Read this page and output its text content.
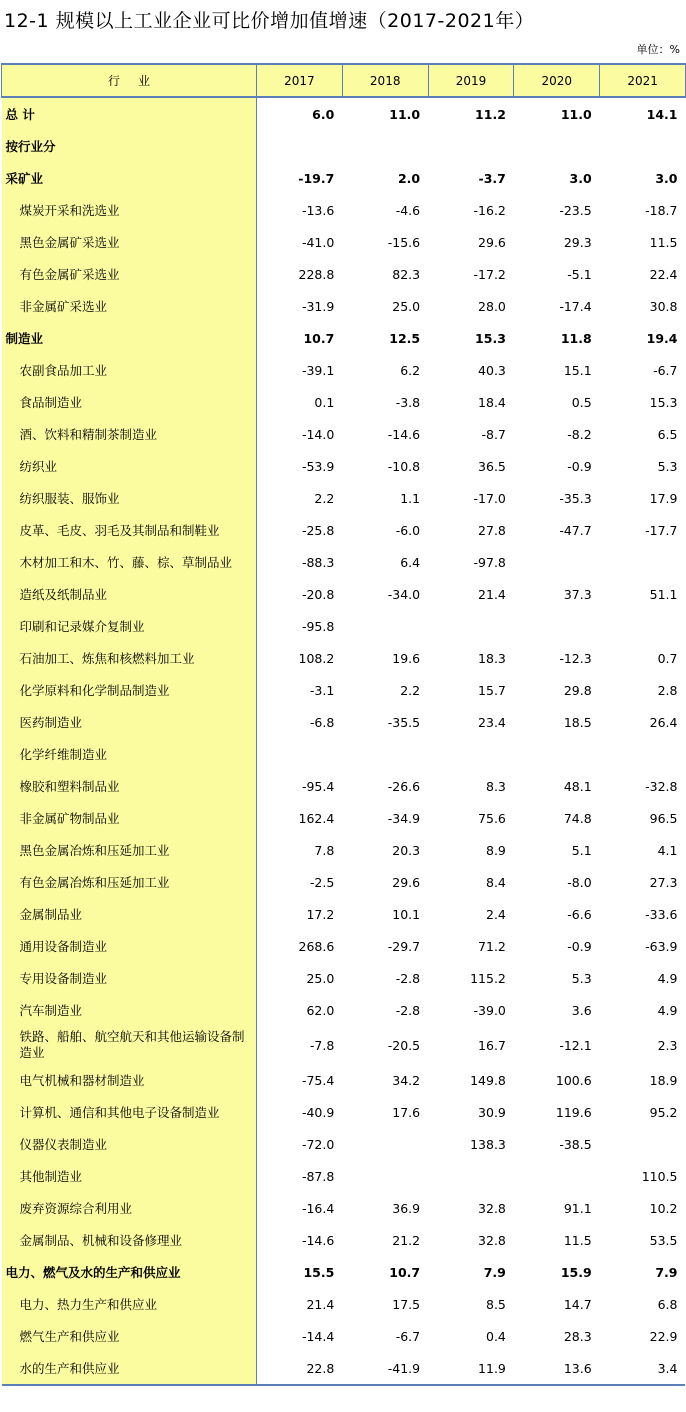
12-1 规模以上工业企业可比价增加值增速（2017-2021年）
单位：%
行业	2017	2018	2019	2020	2021
总 计	6.0	11.0	11.2	11.0	14.1
按行业分					
采矿业	-19.7	2.0	-3.7	3.0	3.0
煤炭开采和洗选业	-13.6	-4.6	-16.2	-23.5	-18.7
黑色金属矿采选业	-41.0	-15.6	29.6	29.3	11.5
有色金属矿采选业	228.8	82.3	-17.2	-5.1	22.4
非金属矿采选业	-31.9	25.0	28.0	-17.4	30.8
制造业	10.7	12.5	15.3	11.8	19.4
农副食品加工业	-39.1	6.2	40.3	15.1	-6.7
食品制造业	0.1	-3.8	18.4	0.5	15.3
酒、饮料和精制茶制造业	-14.0	-14.6	-8.7	-8.2	6.5
纺织业	-53.9	-10.8	36.5	-0.9	5.3
纺织服装、服饰业	2.2	1.1	-17.0	-35.3	17.9
皮革、毛皮、羽毛及其制品和制鞋业	-25.8	-6.0	27.8	-47.7	-17.7
木材加工和木、竹、藤、棕、草制品业	-88.3	6.4	-97.8		
造纸及纸制品业	-20.8	-34.0	21.4	37.3	51.1
印刷和记录媒介复制业	-95.8				
石油加工、炼焦和核燃料加工业	108.2	19.6	18.3	-12.3	0.7
化学原料和化学制品制造业	-3.1	2.2	15.7	29.8	2.8
医药制造业	-6.8	-35.5	23.4	18.5	26.4
化学纤维制造业					
橡胶和塑料制品业	-95.4	-26.6	8.3	48.1	-32.8
非金属矿物制品业	162.4	-34.9	75.6	74.8	96.5
黑色金属冶炼和压延加工业	7.8	20.3	8.9	5.1	4.1
有色金属冶炼和压延加工业	-2.5	29.6	8.4	-8.0	27.3
金属制品业	17.2	10.1	2.4	-6.6	-33.6
通用设备制造业	268.6	-29.7	71.2	-0.9	-63.9
专用设备制造业	25.0	-2.8	115.2	5.3	4.9
汽车制造业	62.0	-2.8	-39.0	3.6	4.9
铁路、船舶、航空航天和其他运输设备制造业	-7.8	-20.5	16.7	-12.1	2.3
电气机械和器材制造业	-75.4	34.2	149.8	100.6	18.9
计算机、通信和其他电子设备制造业	-40.9	17.6	30.9	119.6	95.2
仪器仪表制造业	-72.0		138.3	-38.5	
其他制造业	-87.8				110.5
废弃资源综合利用业	-16.4	36.9	32.8	91.1	10.2
金属制品、机械和设备修理业	-14.6	21.2	32.8	11.5	53.5
电力、燃气及水的生产和供应业	15.5	10.7	7.9	15.9	7.9
电力、热力生产和供应业	21.4	17.5	8.5	14.7	6.8
燃气生产和供应业	-14.4	-6.7	0.4	28.3	22.9
水的生产和供应业	22.8	-41.9	11.9	13.6	3.4
